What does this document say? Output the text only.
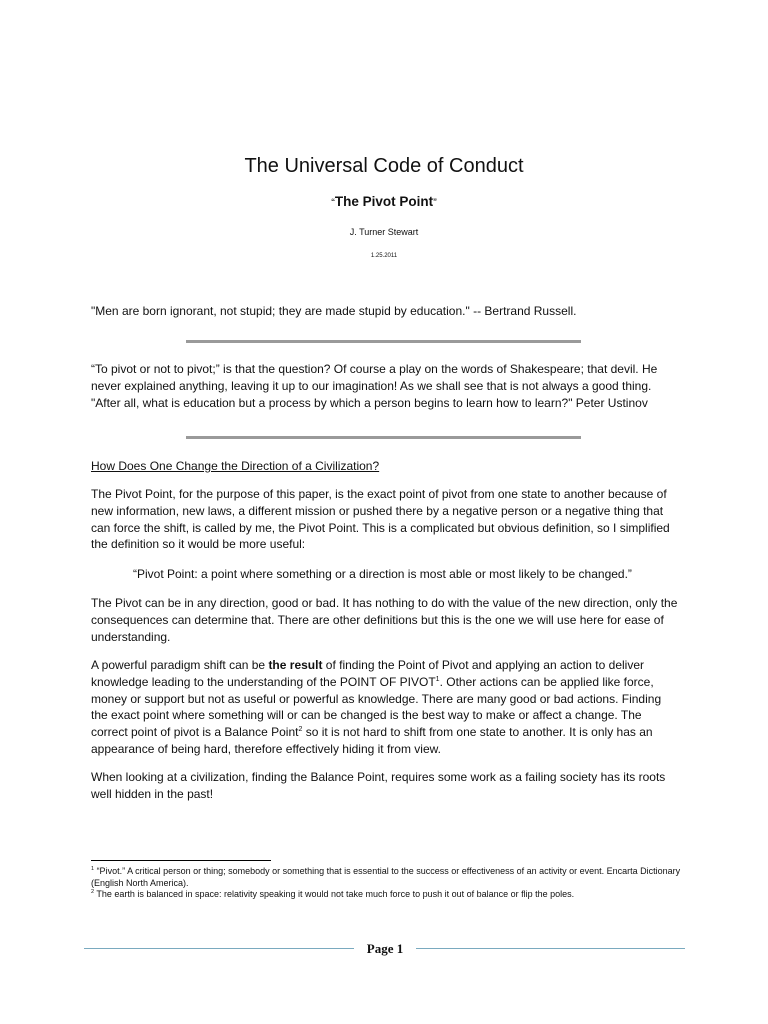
The Universal Code of Conduct
“The Pivot Point”
J. Turner Stewart
1.25.2011
"Men are born ignorant, not stupid; they are made stupid by education." -- Bertrand Russell.
“To pivot or not to pivot;” is that the question? Of course a play on the words of Shakespeare; that devil. He never explained anything, leaving it up to our imagination! As we shall see that is not always a good thing. "After all, what is education but a process by which a person begins to learn how to learn?" Peter Ustinov
How Does One Change the Direction of a Civilization?
The Pivot Point, for the purpose of this paper, is the exact point of pivot from one state to another because of new information, new laws, a different mission or pushed there by a negative person or a negative thing that can force the shift, is called by me, the Pivot Point. This is a complicated but obvious definition, so I simplified the definition so it would be more useful:
“Pivot Point: a point where something or a direction is most able or most likely to be changed.”
The Pivot can be in any direction, good or bad. It has nothing to do with the value of the new direction, only the consequences can determine that. There are other definitions but this is the one we will use here for ease of understanding.
A powerful paradigm shift can be the result of finding the Point of Pivot and applying an action to deliver knowledge leading to the understanding of the POINT OF PIVOT$^1$. Other actions can be applied like force, money or support but not as useful or powerful as knowledge. There are many good or bad actions. Finding the exact point where something will or can be changed is the best way to make or affect a change. The correct point of pivot is a Balance Point$^2$ so it is not hard to shift from one state to another. It is only has an appearance of being hard, therefore effectively hiding it from view.
When looking at a civilization, finding the Balance Point, requires some work as a failing society has its roots well hidden in the past!
$^1$ “Pivot.” A critical person or thing; somebody or something that is essential to the success or effectiveness of an activity or event. Encarta Dictionary (English North America).
$^2$ The earth is balanced in space: relativity speaking it would not take much force to push it out of balance or flip the poles.
Page 1
